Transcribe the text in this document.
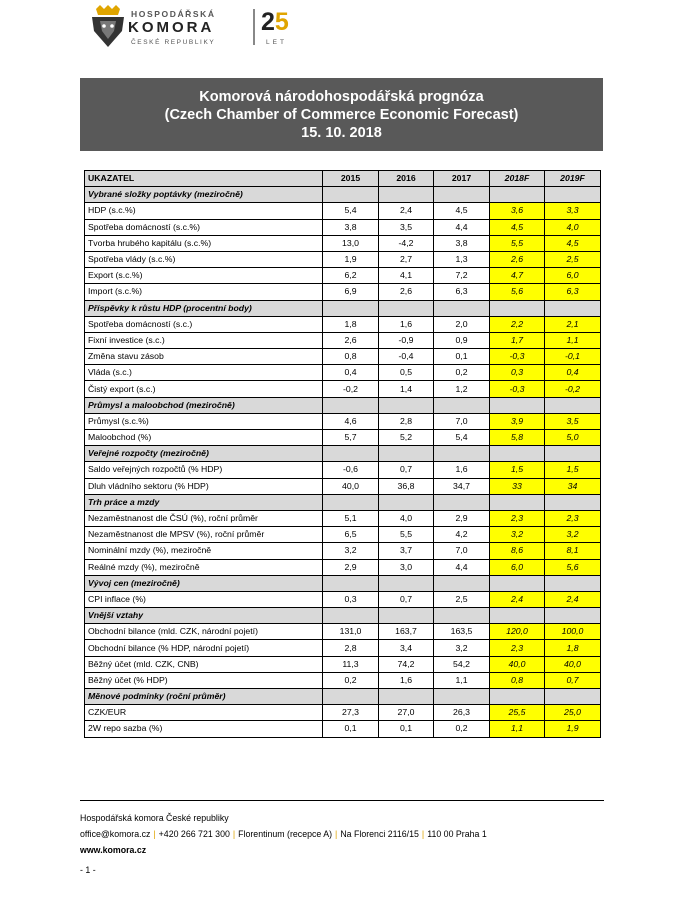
HOSPODÁŘSKÁ
KOMORA
ČESKÉ REPUBLIKY
25
LET
Komorová národohospodářská prognóza
(Czech Chamber of Commerce Economic Forecast)
15. 10. 2018
UKAZATEL	2015	2016	2017	2018F	2019F
Vybrané složky poptávky (meziročně)					
HDP (s.c.%)	5,4	2,4	4,5	3,6	3,3
Spotřeba domácností (s.c.%)	3,8	3,5	4,4	4,5	4,0
Tvorba hrubého kapitálu (s.c.%)	13,0	-4,2	3,8	5,5	4,5
Spotřeba vlády (s.c.%)	1,9	2,7	1,3	2,6	2,5
Export (s.c.%)	6,2	4,1	7,2	4,7	6,0
Import (s.c.%)	6,9	2,6	6,3	5,6	6,3
Příspěvky k růstu HDP (procentní body)					
Spotřeba domácností (s.c.)	1,8	1,6	2,0	2,2	2,1
Fixní investice (s.c.)	2,6	-0,9	0,9	1,7	1,1
Změna stavu zásob	0,8	-0,4	0,1	-0,3	-0,1
Vláda (s.c.)	0,4	0,5	0,2	0,3	0,4
Čistý export (s.c.)	-0,2	1,4	1,2	-0,3	-0,2
Průmysl a maloobchod (meziročně)					
Průmysl (s.c.%)	4,6	2,8	7,0	3,9	3,5
Maloobchod (%)	5,7	5,2	5,4	5,8	5,0
Veřejné rozpočty (meziročně)					
Saldo veřejných rozpočtů (% HDP)	-0,6	0,7	1,6	1,5	1,5
Dluh vládního sektoru (% HDP)	40,0	36,8	34,7	33	34
Trh práce a mzdy					
Nezaměstnanost dle ČSÚ (%), roční průměr	5,1	4,0	2,9	2,3	2,3
Nezaměstnanost dle MPSV (%), roční průměr	6,5	5,5	4,2	3,2	3,2
Nominální mzdy (%), meziročně	3,2	3,7	7,0	8,6	8,1
Reálné mzdy (%), meziročně	2,9	3,0	4,4	6,0	5,6
Vývoj cen (meziročně)					
CPI inflace (%)	0,3	0,7	2,5	2,4	2,4
Vnější vztahy					
Obchodní bilance (mld. CZK, národní pojetí)	131,0	163,7	163,5	120,0	100,0
Obchodní bilance (% HDP, národní pojetí)	2,8	3,4	3,2	2,3	1,8
Běžný účet (mld. CZK, CNB)	11,3	74,2	54,2	40,0	40,0
Běžný účet (% HDP)	0,2	1,6	1,1	0,8	0,7
Měnové podmínky (roční průměr)					
CZK/EUR	27,3	27,0	26,3	25,5	25,0
2W repo sazba (%)	0,1	0,1	0,2	1,1	1,9
Hospodářská komora České republiky
office@komora.cz | +420 266 721 300 | Florentinum (recepce A) | Na Florenci 2116/15 | 110 00 Praha 1
www.komora.cz
- 1 -
